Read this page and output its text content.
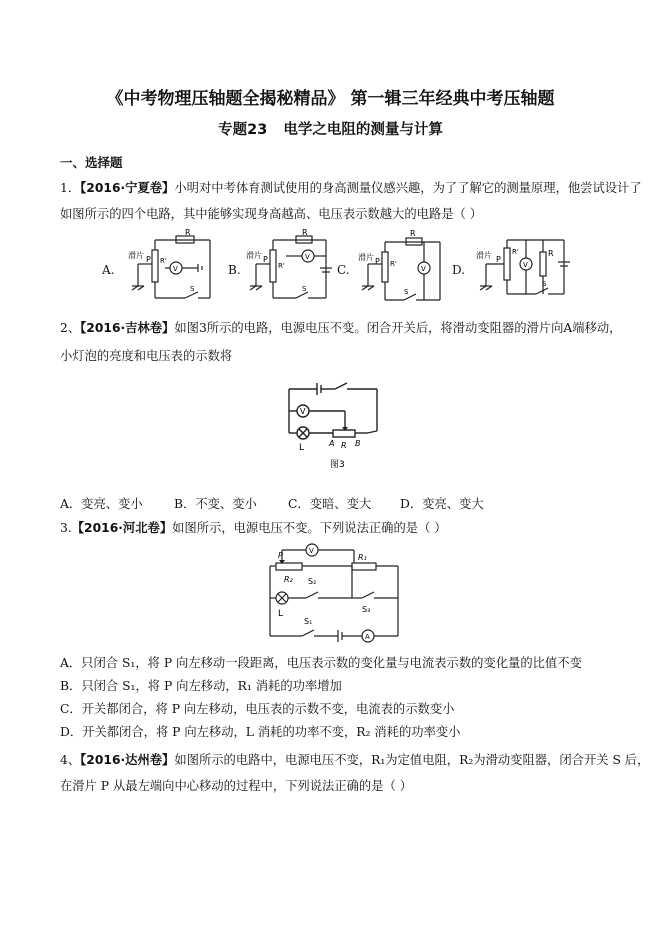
《中考物理压轴题全揭秘精品》 第一辑三年经典中考压轴题
专题23 电学之电阻的测量与计算
一、选择题
1．【2016·宁夏卷】小明对中考体育测试使用的身高测量仪感兴趣，为了了解它的测量原理，他尝试设计了
如图所示的四个电路，其中能够实现身高越高、电压表示数越大的电路是（ ）
A.	B.	C.	D.
滑片 P R'
R
V
S
滑片 P
R'
R
V
S
滑片 P R'
R
V
S
滑片 P
R'	R
V
S
2、【2016·吉林卷】如图3所示的电路，电源电压不变。闭合开关后，将滑动变阻器的滑片向A端移动，
小灯泡的亮度和电压表的示数将
V
L	A R B
图3
A．变亮、变小	B．不变、变小	C．变暗、变大 D．变亮、变大
3.【2016·河北卷】如图所示，电源电压不变。下列说法正确的是（ ）
P	V
R₁
R₂ S₂
S₃
L
S₁
A
A．只闭合 S₁，将 P 向左移动一段距离，电压表示数的变化量与电流表示数的变化量的比值不变
B．只闭合 S₁，将 P 向左移动，R₁ 消耗的功率增加
C．开关都闭合，将 P 向左移动，电压表的示数不变，电流表的示数变小
D．开关都闭合，将 P 向左移动，L 消耗的功率不变，R₂ 消耗的功率变小
4、【2016·达州卷】如图所示的电路中，电源电压不变，R₁为定值电阻，R₂为滑动变阻器，闭合开关 S 后，
在滑片 P 从最左端向中心移动的过程中，下列说法正确的是（ ）
